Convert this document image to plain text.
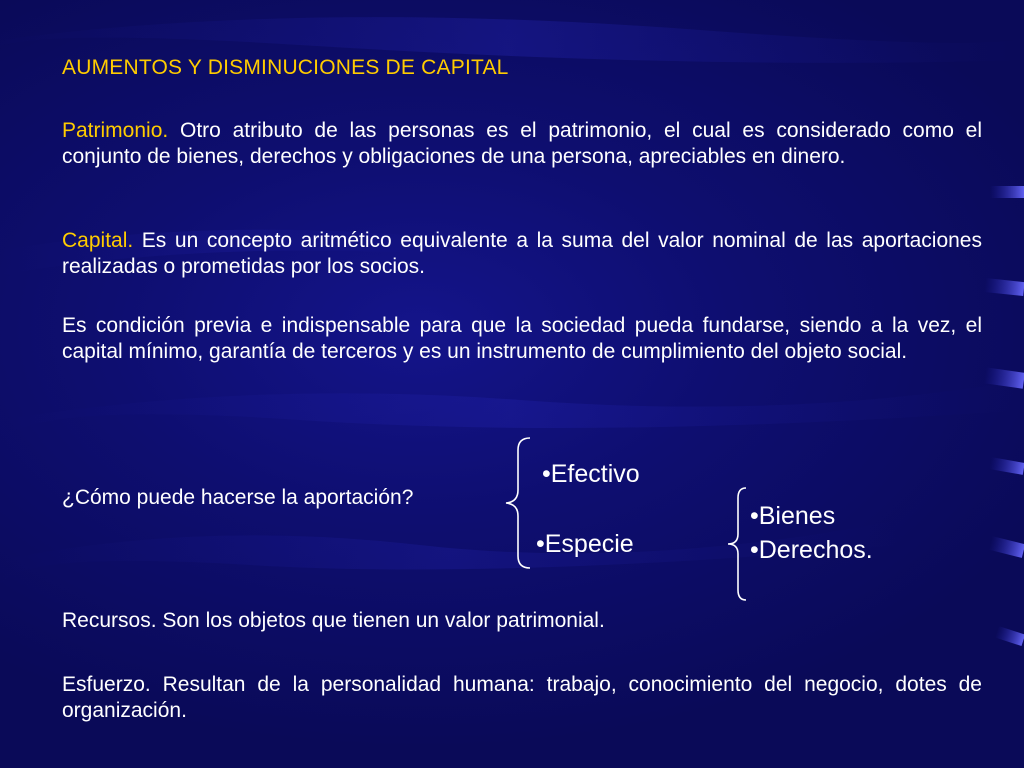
AUMENTOS Y DISMINUCIONES DE CAPITAL
Patrimonio. Otro atributo de las personas es el patrimonio, el cual es considerado como el conjunto de bienes, derechos y obligaciones de una persona, apreciables en dinero.
Capital. Es un concepto aritmético equivalente a la suma del valor nominal de las aportaciones realizadas o prometidas por los socios.
Es condición previa e indispensable para que la sociedad pueda fundarse, siendo a la vez, el capital mínimo, garantía de terceros y es un instrumento de cumplimiento del objeto social.
¿Cómo puede hacerse la aportación?
•Efectivo
•Especie
•Bienes
•Derechos.
Recursos. Son los objetos que tienen un valor patrimonial.
Esfuerzo. Resultan de la personalidad humana: trabajo, conocimiento del negocio, dotes de organización.
